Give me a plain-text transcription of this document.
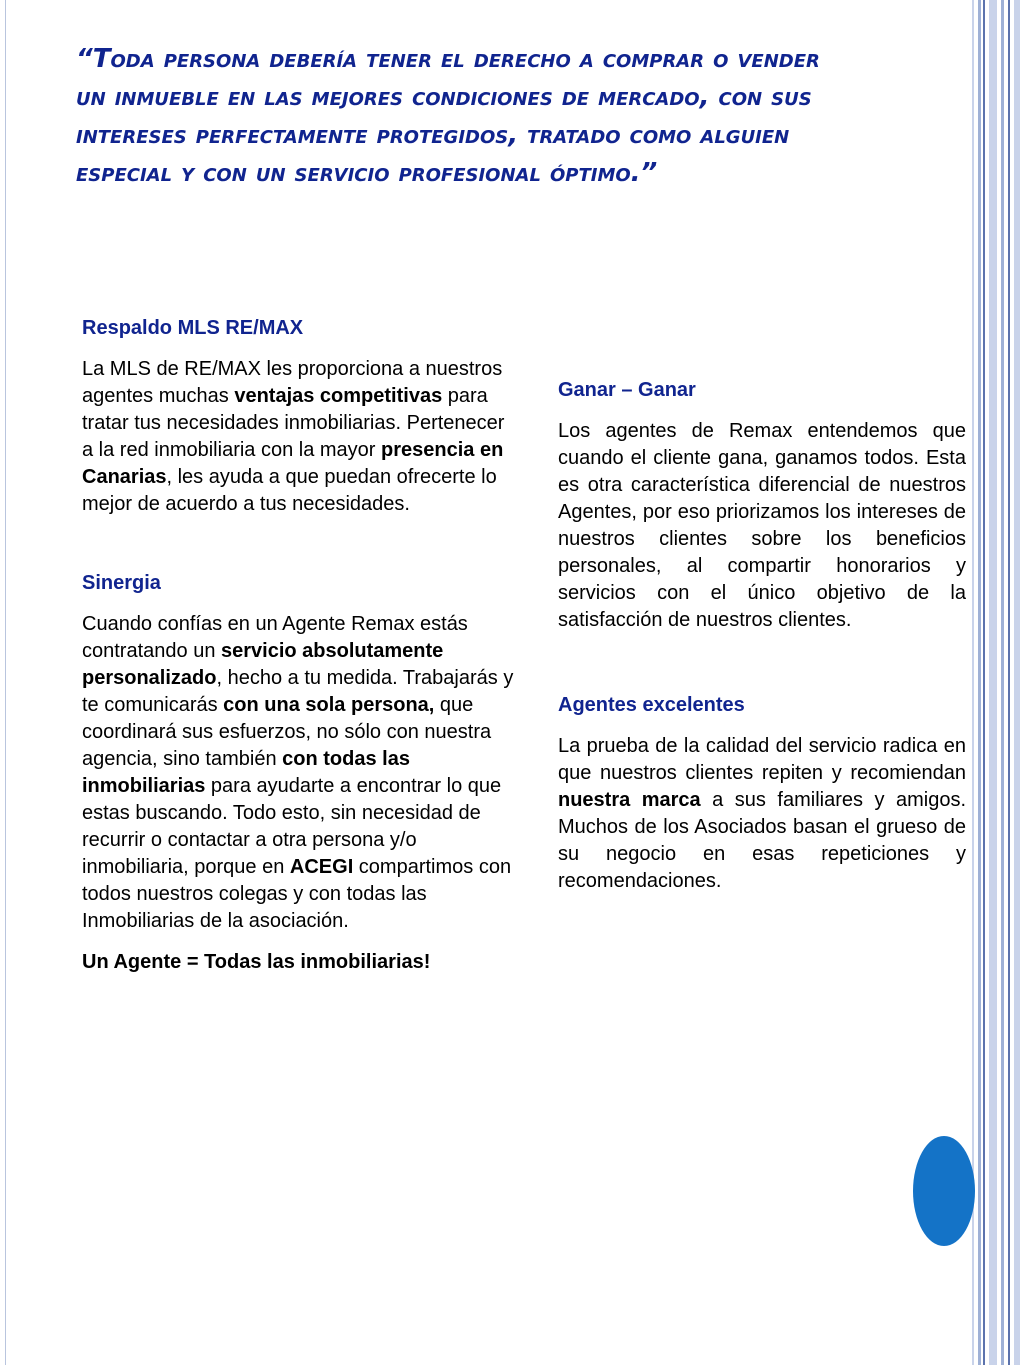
“Toda persona debería tener el derecho a comprar o vender un inmueble en las mejores condiciones de mercado, con sus intereses perfectamente protegidos, tratado como alguien especial y con un servicio profesional óptimo.”
Respaldo MLS RE/MAX

La MLS de RE/MAX les proporciona a nuestros agentes muchas ventajas competitivas para tratar tus necesidades inmobiliarias. Pertenecer a la red inmobiliaria con la mayor presencia en Canarias, les ayuda a que puedan ofrecerte lo mejor de acuerdo a tus necesidades.

Sinergia

Cuando confías en un Agente Remax estás contratando un servicio absolutamente personalizado, hecho a tu medida. Trabajarás y te comunicarás con una sola persona, que coordinará sus esfuerzos, no sólo con nuestra agencia, sino también con todas las inmobiliarias para ayudarte a encontrar lo que estas buscando. Todo esto, sin necesidad de recurrir o contactar a otra persona y/o inmobiliaria, porque en ACEGI compartimos con todos nuestros colegas y con todas las Inmobiliarias de la asociación.

Un Agente = Todas las inmobiliarias!

Ganar – Ganar

Los agentes de Remax entendemos que cuando el cliente gana, ganamos todos. Esta es otra característica diferencial de nuestros Agentes, por eso priorizamos los intereses de nuestros clientes sobre los beneficios personales, al compartir honorarios y servicios con el único objetivo de la satisfacción de nuestros clientes.

Agentes excelentes

La prueba de la calidad del servicio radica en que nuestros clientes repiten y recomiendan nuestra marca a sus familiares y amigos. Muchos de los Asociados basan el grueso de su negocio en esas repeticiones y recomendaciones.
